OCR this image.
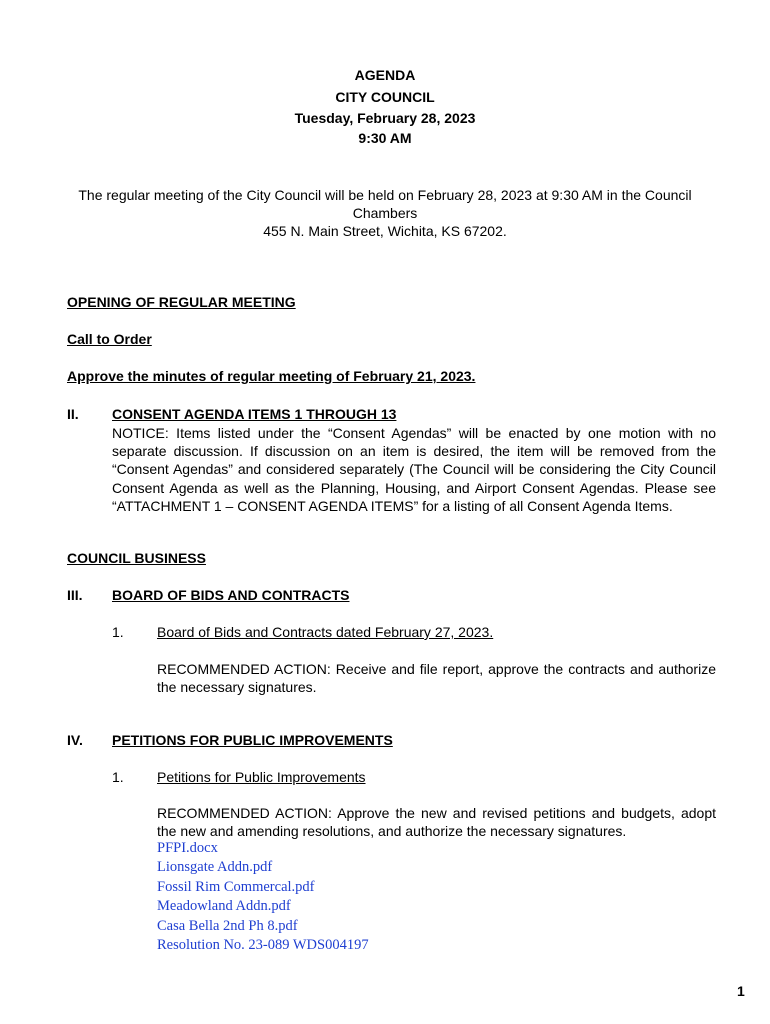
AGENDA
CITY COUNCIL
Tuesday, February 28, 2023
9:30 AM
The regular meeting of the City Council will be held on February 28, 2023 at 9:30 AM in the Council
Chambers
455 N. Main Street, Wichita, KS 67202.
OPENING OF REGULAR MEETING
Call to Order
Approve the minutes of regular meeting of February 21, 2023.
II. CONSENT AGENDA ITEMS 1 THROUGH 13
NOTICE: Items listed under the “Consent Agendas” will be enacted by one motion with no separate discussion. If discussion on an item is desired, the item will be removed from the “Consent Agendas” and considered separately (The Council will be considering the City Council Consent Agenda as well as the Planning, Housing, and Airport Consent Agendas. Please see “ATTACHMENT 1 – CONSENT AGENDA ITEMS” for a listing of all Consent Agenda Items.
COUNCIL BUSINESS
III. BOARD OF BIDS AND CONTRACTS
1. Board of Bids and Contracts dated February 27, 2023.
RECOMMENDED ACTION: Receive and file report, approve the contracts and authorize the necessary signatures.
IV. PETITIONS FOR PUBLIC IMPROVEMENTS
1. Petitions for Public Improvements
RECOMMENDED ACTION: Approve the new and revised petitions and budgets, adopt the new and amending resolutions, and authorize the necessary signatures.
PFPI.docx
Lionsgate Addn.pdf
Fossil Rim Commercal.pdf
Meadowland Addn.pdf
Casa Bella 2nd Ph 8.pdf
Resolution No. 23-089 WDS004197
1
